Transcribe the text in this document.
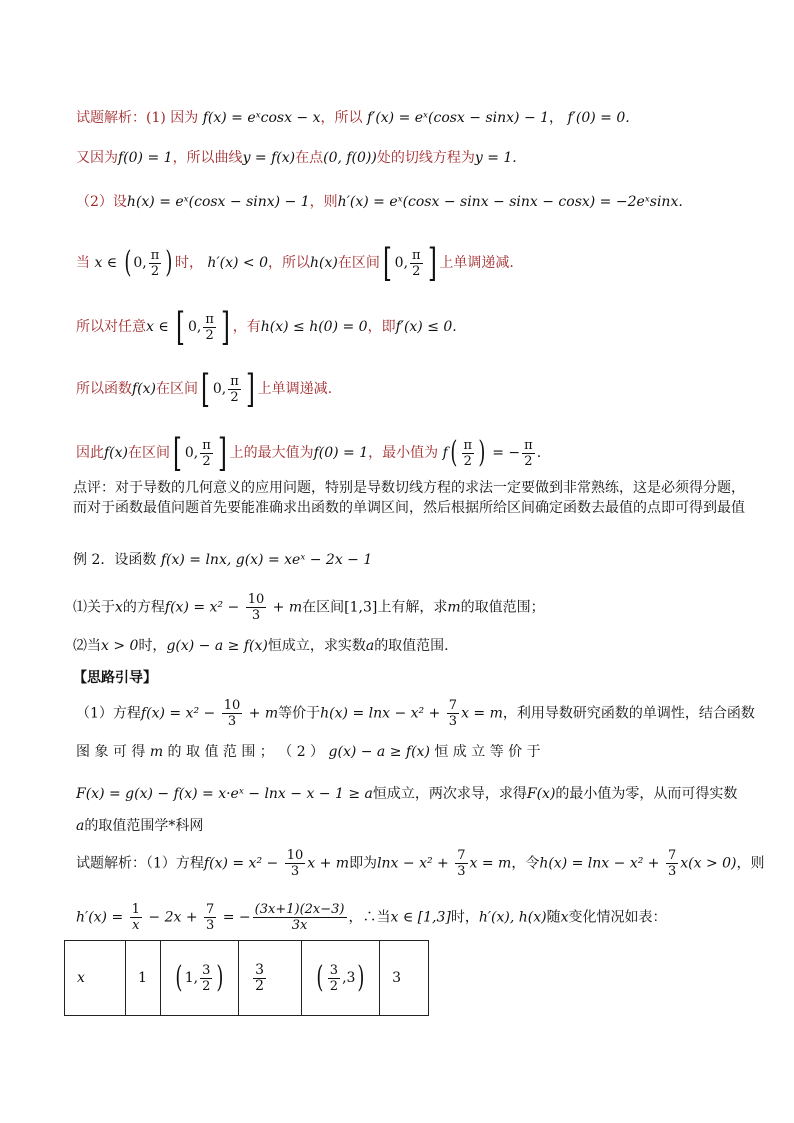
试题解析：(1) 因为 f(x) = eˣcosx − x，所以 f′(x) = eˣ(cosx − sinx) − 1， f′(0) = 0.
又因为f(0) = 1，所以曲线y = f(x)在点(0, f(0))处的切线方程为y = 1.
（2）设h(x) = eˣ(cosx − sinx) − 1，则h′(x) = eˣ(cosx − sinx − sinx − cosx) = −2eˣsinx.
当 x ∈ ( 0, $\frac{\pi}{2}$ ) 时， h′(x) < 0，所以h(x)在区间 [ 0, $\frac{\pi}{2}$ ] 上单调递减.
所以对任意x ∈ [ 0, $\frac{\pi}{2}$ ] ，有h(x) ≤ h(0) = 0，即f′(x) ≤ 0.
所以函数f(x)在区间 [ 0, $\frac{\pi}{2}$ ] 上单调递减.
因此f(x)在区间 [ 0, $\frac{\pi}{2}$ ] 上的最大值为f(0) = 1，最小值为 f ( $\frac{\pi}{2}$ ) = − $\frac{\pi}{2}$ .
点评：对于导数的几何意义的应用问题，特别是导数切线方程的求法一定要做到非常熟练，这是必须得分题，而对于函数最值问题首先要能准确求出函数的单调区间，然后根据所给区间确定函数去最值的点即可得到最值
例 2．设函数 f(x) = lnx, g(x) = xeˣ − 2x − 1
⑴关于x的方程$f(x) = x^2 - \frac{10}{3} + m$在区间[1,3]上有解，求m的取值范围；
⑵当x > 0时，g(x) − a ≥ f(x)恒成立，求实数a的取值范围.
【思路引导】
（1）方程$f(x) = x^2 - \frac{10}{3} + m$等价于$h(x) = \ln x - x^2 + \frac{7}{3}$ x = m，利用导数研究函数的单调性，结合函数
图 象 可 得 m 的 取 值 范 围 ； （ 2 ） g(x) − a ≥ f(x) 恒 成 立 等 价 于
F(x) = g(x) − f(x) = x·eˣ − lnx − x − 1 ≥ a恒成立，两次求导，求得F(x)的最小值为零，从而可得实数
a的取值范围学*科网
试题解析：（1）方程$f(x) = x^2 - \frac{10}{3}$ x + m即为$\ln x - x^2 + \frac{7}{3}$ x = m，令$h(x) = \ln x - x^2 + \frac{7}{3} x(x > 0)$，则
$h'(x) = \frac{1}{x} - 2x + \frac{7}{3}$ = − $\frac{(3x+1)(2x-3)}{3x}$ ，∴当x ∈ [1,3]时，h′(x), h(x)随x变化情况如表：
x	1	( 1, $\frac{3}{2}$ )	$\frac{3}{2}$	( $\frac{3}{2} ,3$ )	3
